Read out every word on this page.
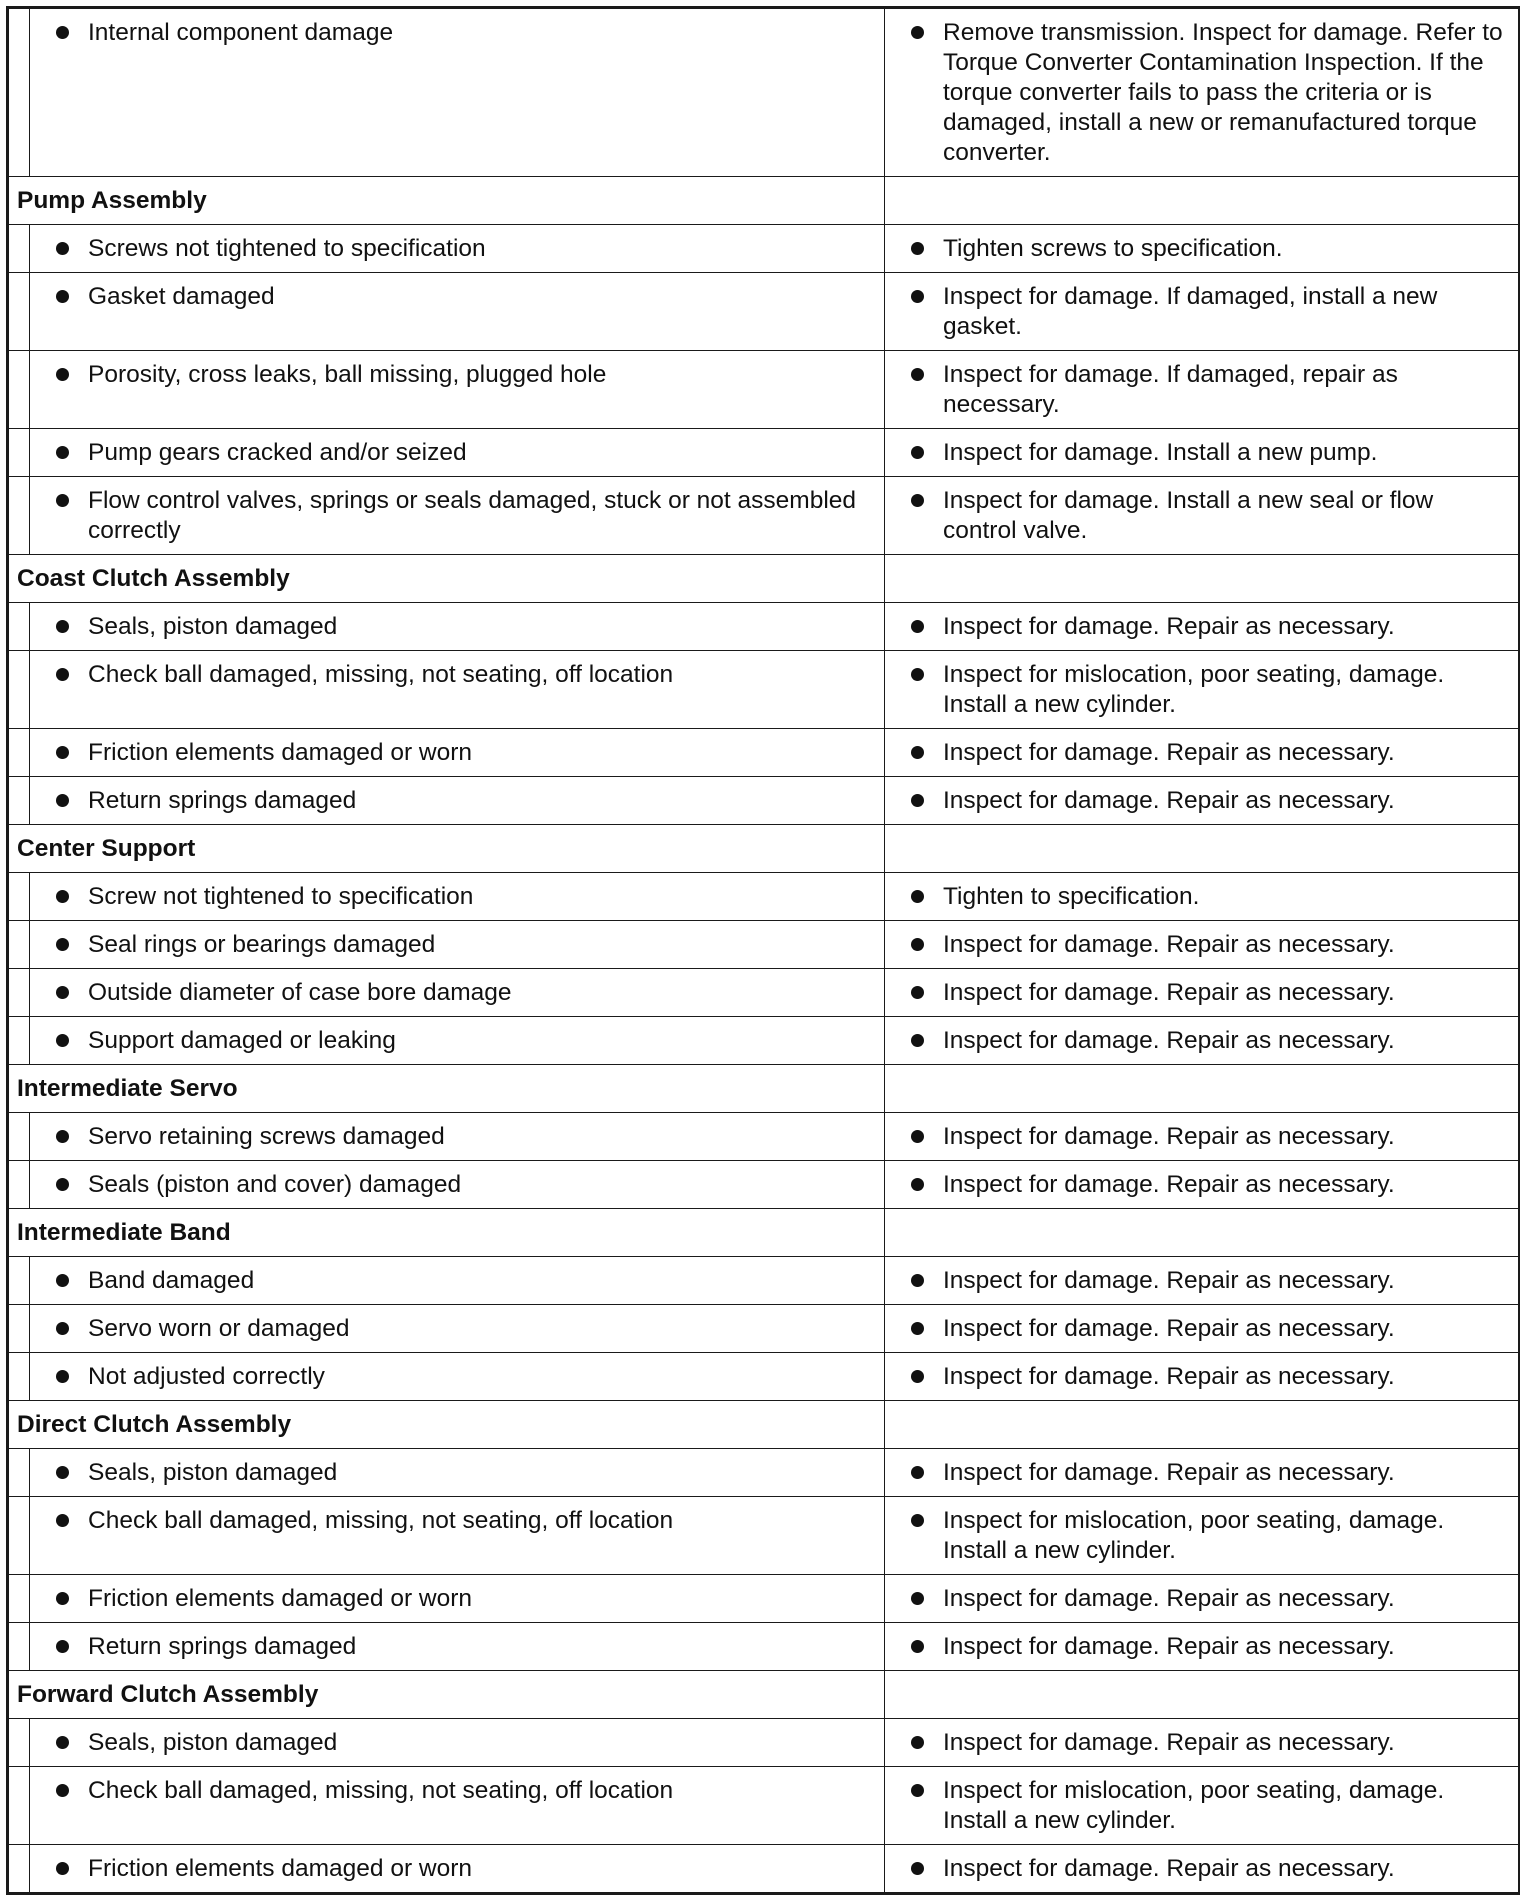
	Internal component damage	Remove transmission. Inspect for damage. Refer to Torque Converter Contamination Inspection. If the torque converter fails to pass the criteria or is damaged, install a new or remanufactured torque converter.

Pump Assembly		

	Screws not tightened to specification	Tighten screws to specification.

	Gasket damaged	Inspect for damage. If damaged, install a new gasket.

	Porosity, cross leaks, ball missing, plugged hole	Inspect for damage. If damaged, repair as necessary.

	Pump gears cracked and/or seized	Inspect for damage. Install a new pump.

	Flow control valves, springs or seals damaged, stuck or not assembled correctly	Inspect for damage. Install a new seal or flow control valve.

Coast Clutch Assembly		

	Seals, piston damaged	Inspect for damage. Repair as necessary.

	Check ball damaged, missing, not seating, off location	Inspect for mislocation, poor seating, damage. Install a new cylinder.

	Friction elements damaged or worn	Inspect for damage. Repair as necessary.

	Return springs damaged	Inspect for damage. Repair as necessary.

Center Support		

	Screw not tightened to specification	Tighten to specification.

	Seal rings or bearings damaged	Inspect for damage. Repair as necessary.

	Outside diameter of case bore damage	Inspect for damage. Repair as necessary.

	Support damaged or leaking	Inspect for damage. Repair as necessary.

Intermediate Servo		

	Servo retaining screws damaged	Inspect for damage. Repair as necessary.

	Seals (piston and cover) damaged	Inspect for damage. Repair as necessary.

Intermediate Band		

	Band damaged	Inspect for damage. Repair as necessary.

	Servo worn or damaged	Inspect for damage. Repair as necessary.

	Not adjusted correctly	Inspect for damage. Repair as necessary.

Direct Clutch Assembly		

	Seals, piston damaged	Inspect for damage. Repair as necessary.

	Check ball damaged, missing, not seating, off location	Inspect for mislocation, poor seating, damage. Install a new cylinder.

	Friction elements damaged or worn	Inspect for damage. Repair as necessary.

	Return springs damaged	Inspect for damage. Repair as necessary.

Forward Clutch Assembly		

	Seals, piston damaged	Inspect for damage. Repair as necessary.

	Check ball damaged, missing, not seating, off location	Inspect for mislocation, poor seating, damage. Install a new cylinder.

	Friction elements damaged or worn	Inspect for damage. Repair as necessary.
